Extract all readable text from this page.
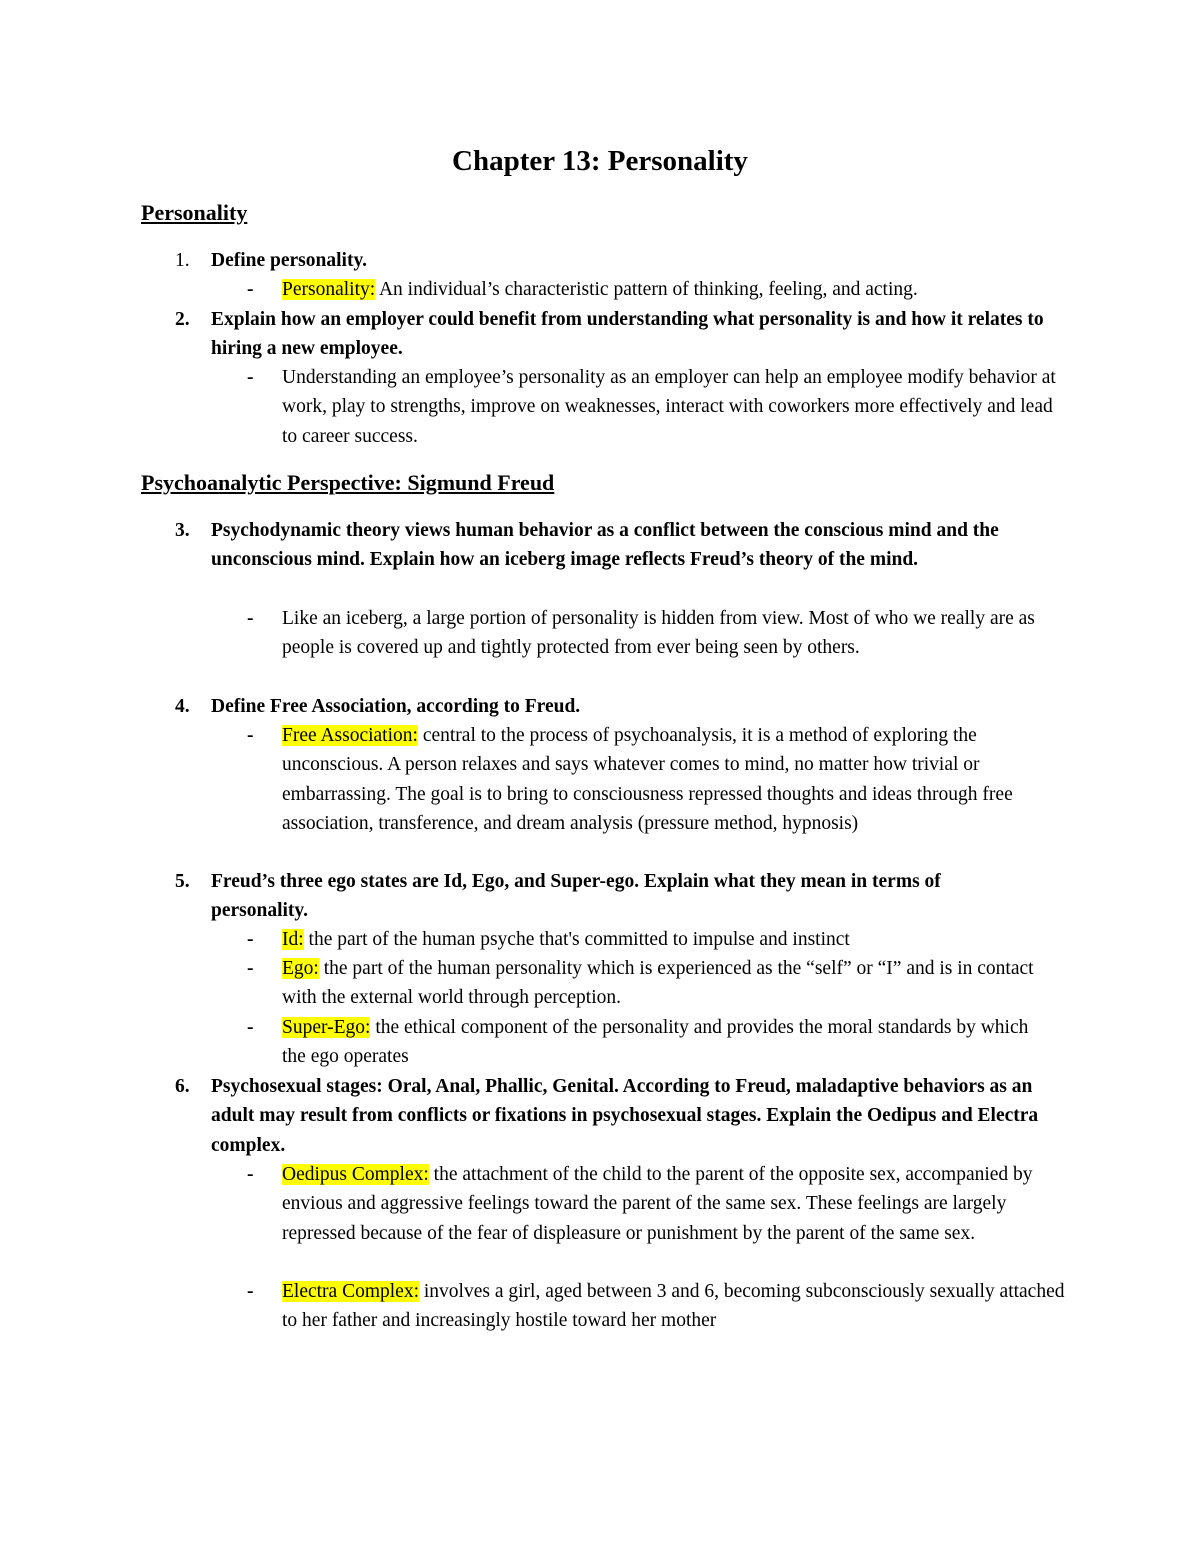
Chapter 13: Personality
Personality
1.	Define personality.
- Personality: An individual’s characteristic pattern of thinking, feeling, and acting.
2.	Explain how an employer could benefit from understanding what personality is and how it relates to hiring a new employee.
- Understanding an employee’s personality as an employer can help an employee modify behavior at work, play to strengths, improve on weaknesses, interact with coworkers more effectively and lead to career success.
Psychoanalytic Perspective: Sigmund Freud
3.	Psychodynamic theory views human behavior as a conflict between the conscious mind and the unconscious mind. Explain how an iceberg image reflects Freud’s theory of the mind.
- Like an iceberg, a large portion of personality is hidden from view. Most of who we really are as people is covered up and tightly protected from ever being seen by others.
4.	Define Free Association, according to Freud.
- Free Association: central to the process of psychoanalysis, it is a method of exploring the unconscious. A person relaxes and says whatever comes to mind, no matter how trivial or embarrassing. The goal is to bring to consciousness repressed thoughts and ideas through free association, transference, and dream analysis (pressure method, hypnosis)
5.	Freud’s three ego states are Id, Ego, and Super-ego. Explain what they mean in terms of personality.
- Id: the part of the human psyche that's committed to impulse and instinct
- Ego: the part of the human personality which is experienced as the “self” or “I” and is in contact with the external world through perception.
- Super-Ego: the ethical component of the personality and provides the moral standards by which the ego operates
6.	Psychosexual stages: Oral, Anal, Phallic, Genital. According to Freud, maladaptive behaviors as an adult may result from conflicts or fixations in psychosexual stages. Explain the Oedipus and Electra complex.
- Oedipus Complex: the attachment of the child to the parent of the opposite sex, accompanied by envious and aggressive feelings toward the parent of the same sex. These feelings are largely repressed because of the fear of displeasure or punishment by the parent of the same sex.
- Electra Complex: involves a girl, aged between 3 and 6, becoming subconsciously sexually attached to her father and increasingly hostile toward her mother
